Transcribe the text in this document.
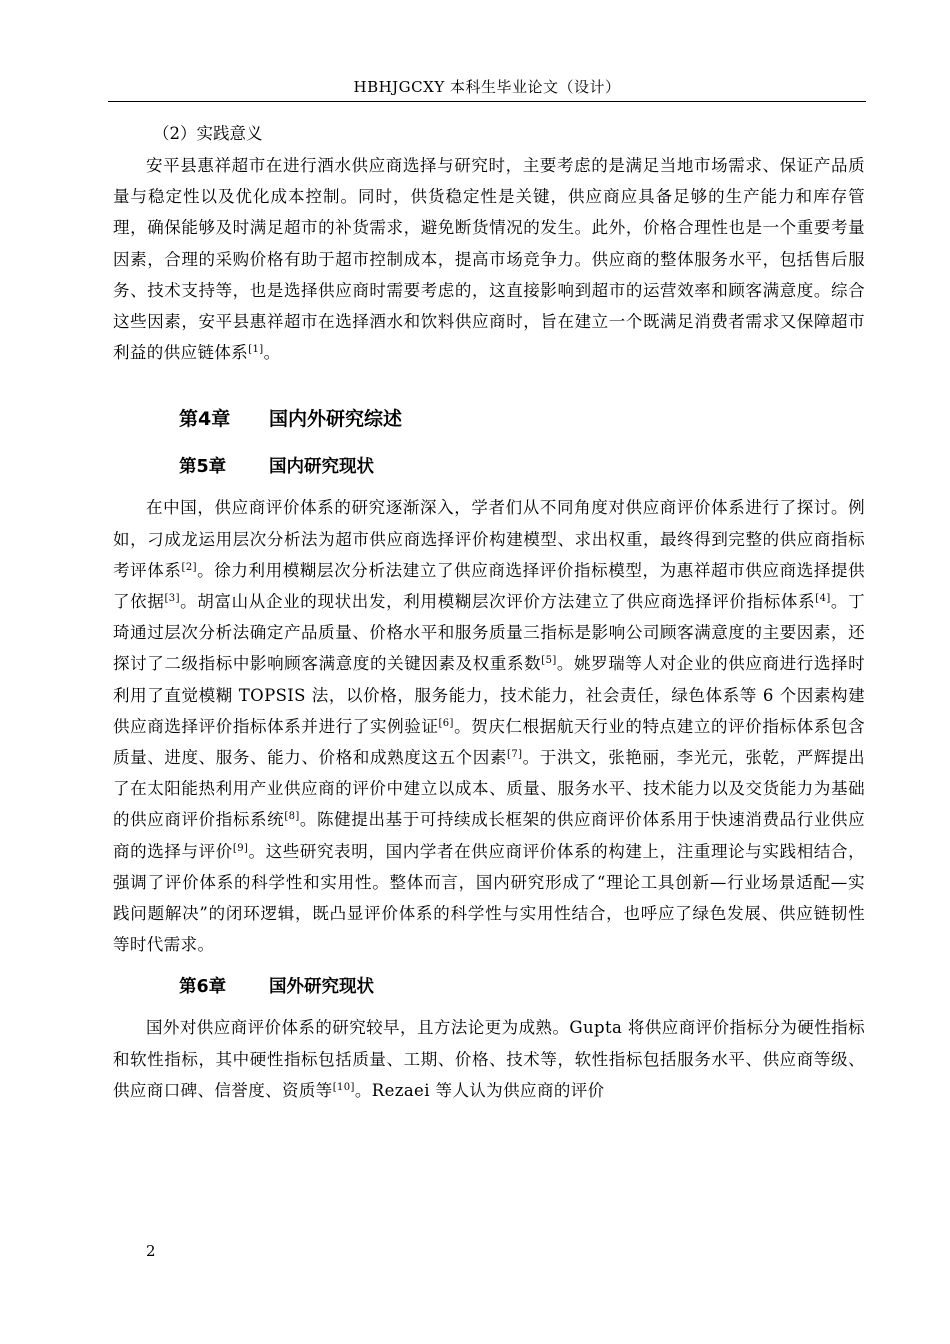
HBHJGCXY 本科生毕业论文（设计）
（2）实践意义

安平县惠祥超市在进行酒水供应商选择与研究时，主要考虑的是满足当地市场需求、保证产品质量与稳定性以及优化成本控制。同时，供货稳定性是关键，供应商应具备足够的生产能力和库存管理，确保能够及时满足超市的补货需求，避免断货情况的发生。此外，价格合理性也是一个重要考量因素，合理的采购价格有助于超市控制成本，提高市场竞争力。供应商的整体服务水平，包括售后服务、技术支持等，也是选择供应商时需要考虑的，这直接影响到超市的运营效率和顾客满意度。综合这些因素，安平县惠祥超市在选择酒水和饮料供应商时，旨在建立一个既满足消费者需求又保障超市利益的供应链体系[1]。

第4章 国内外研究综述
第5章 国内研究现状

在中国，供应商评价体系的研究逐渐深入，学者们从不同角度对供应商评价体系进行了探讨。例如，刁成龙运用层次分析法为超市供应商选择评价构建模型、求出权重，最终得到完整的供应商指标考评体系[2]。徐力利用模糊层次分析法建立了供应商选择评价指标模型，为惠祥超市供应商选择提供了依据[3]。胡富山从企业的现状出发，利用模糊层次评价方法建立了供应商选择评价指标体系[4]。丁琦通过层次分析法确定产品质量、价格水平和服务质量三指标是影响公司顾客满意度的主要因素，还探讨了二级指标中影响顾客满意度的关键因素及权重系数[5]。姚罗瑞等人对企业的供应商进行选择时利用了直觉模糊 TOPSIS 法，以价格，服务能力，技术能力，社会责任，绿色体系等 6 个因素构建供应商选择评价指标体系并进行了实例验证[6]。贺庆仁根据航天行业的特点建立的评价指标体系包含质量、进度、服务、能力、价格和成熟度这五个因素[7]。于洪文，张艳丽，李光元，张乾，严辉提出了在太阳能热利用产业供应商的评价中建立以成本、质量、服务水平、技术能力以及交货能力为基础的供应商评价指标系统[8]。陈健提出基于可持续成长框架的供应商评价体系用于快速消费品行业供应商的选择与评价[9]。这些研究表明，国内学者在供应商评价体系的构建上，注重理论与实践相结合，强调了评价体系的科学性和实用性。整体而言，国内研究形成了“理论工具创新—行业场景适配—实践问题解决”的闭环逻辑，既凸显评价体系的科学性与实用性结合，也呼应了绿色发展、供应链韧性等时代需求。

第6章 国外研究现状

国外对供应商评价体系的研究较早，且方法论更为成熟。Gupta 将供应商评价指标分为硬性指标和软性指标，其中硬性指标包括质量、工期、价格、技术等，软性指标包括服务水平、供应商等级、供应商口碑、信誉度、资质等[10]。Rezaei 等人认为供应商的评价

2
